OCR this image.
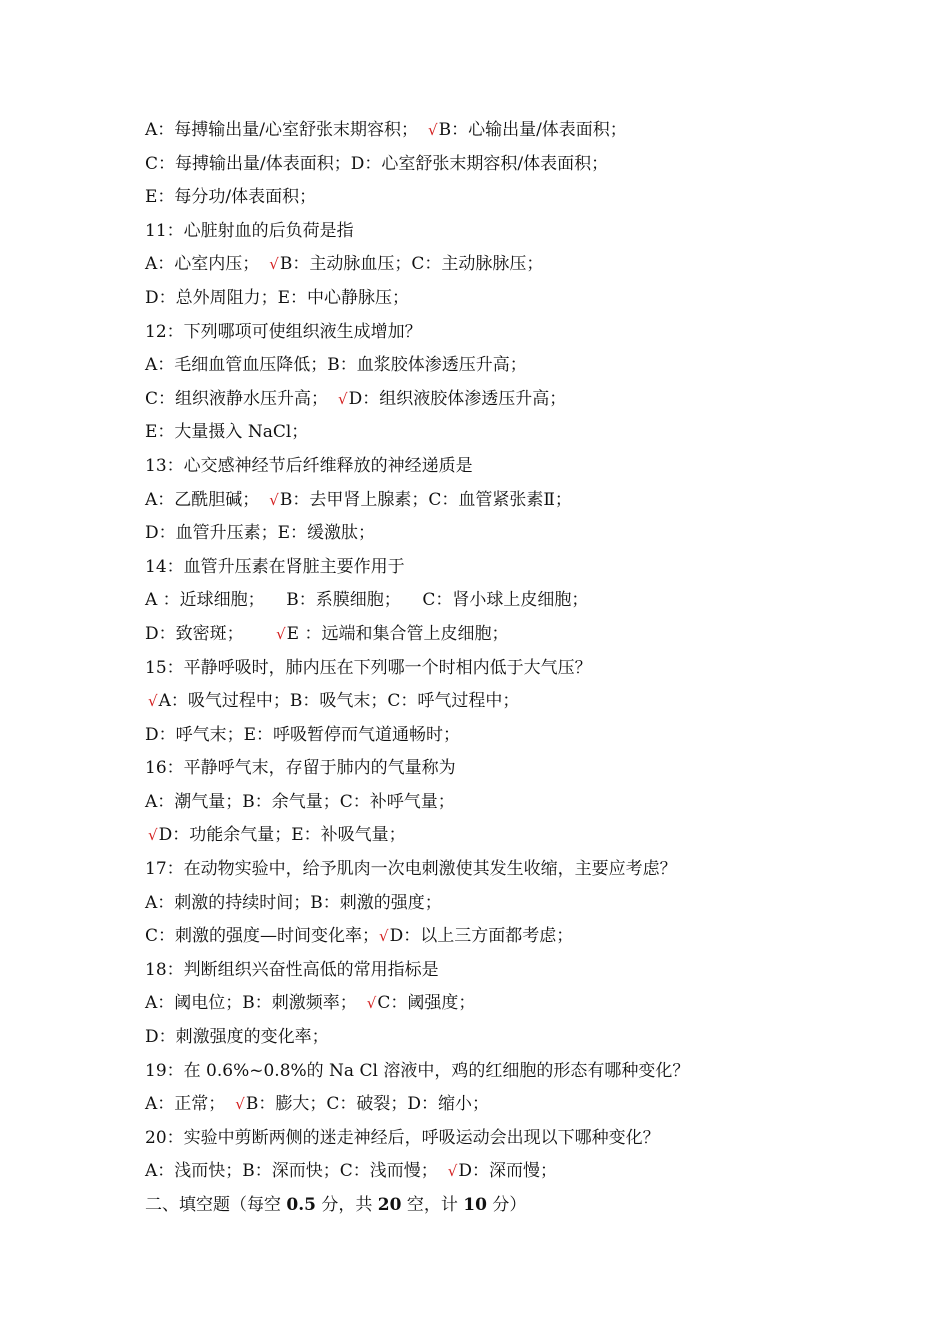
A：每搏输出量/心室舒张末期容积； √B：心输出量/体表面积；
C：每搏输出量/体表面积；D：心室舒张末期容积/体表面积；
E：每分功/体表面积；
11：心脏射血的后负荷是指
A：心室内压； √B：主动脉血压；C：主动脉脉压；
D：总外周阻力；E：中心静脉压；
12：下列哪项可使组织液生成增加？
A：毛细血管血压降低；B：血浆胶体渗透压升高；
C：组织液静水压升高； √D：组织液胶体渗透压升高；
E：大量摄入 NaCl；
13：心交感神经节后纤维释放的神经递质是
A：乙酰胆碱； √B：去甲肾上腺素；C：血管紧张素Ⅱ；
D：血管升压素；E：缓激肽；
14：血管升压素在肾脏主要作用于
A ：近球细胞；    B：系膜细胞；    C：肾小球上皮细胞；
D：致密斑；      √E ：远端和集合管上皮细胞；
15：平静呼吸时，肺内压在下列哪一个时相内低于大气压？
√A：吸气过程中；B：吸气末；C：呼气过程中；
D：呼气末；E：呼吸暂停而气道通畅时；
16：平静呼气末，存留于肺内的气量称为
A：潮气量；B：余气量；C：补呼气量；
√D：功能余气量；E：补吸气量；
17：在动物实验中，给予肌肉一次电刺激使其发生收缩，主要应考虑？
A：刺激的持续时间；B：刺激的强度；
C：刺激的强度—时间变化率；√D：以上三方面都考虑；
18：判断组织兴奋性高低的常用指标是
A：阈电位；B：刺激频率； √C：阈强度；
D：刺激强度的变化率；
19：在 0.6%~0.8%的 Na Cl 溶液中，鸡的红细胞的形态有哪种变化？
A：正常； √B：膨大；C：破裂；D：缩小；
20：实验中剪断两侧的迷走神经后，呼吸运动会出现以下哪种变化？
A：浅而快；B：深而快；C：浅而慢； √D：深而慢；
二、填空题（每空 0.5 分，共 20 空，计 10 分）
